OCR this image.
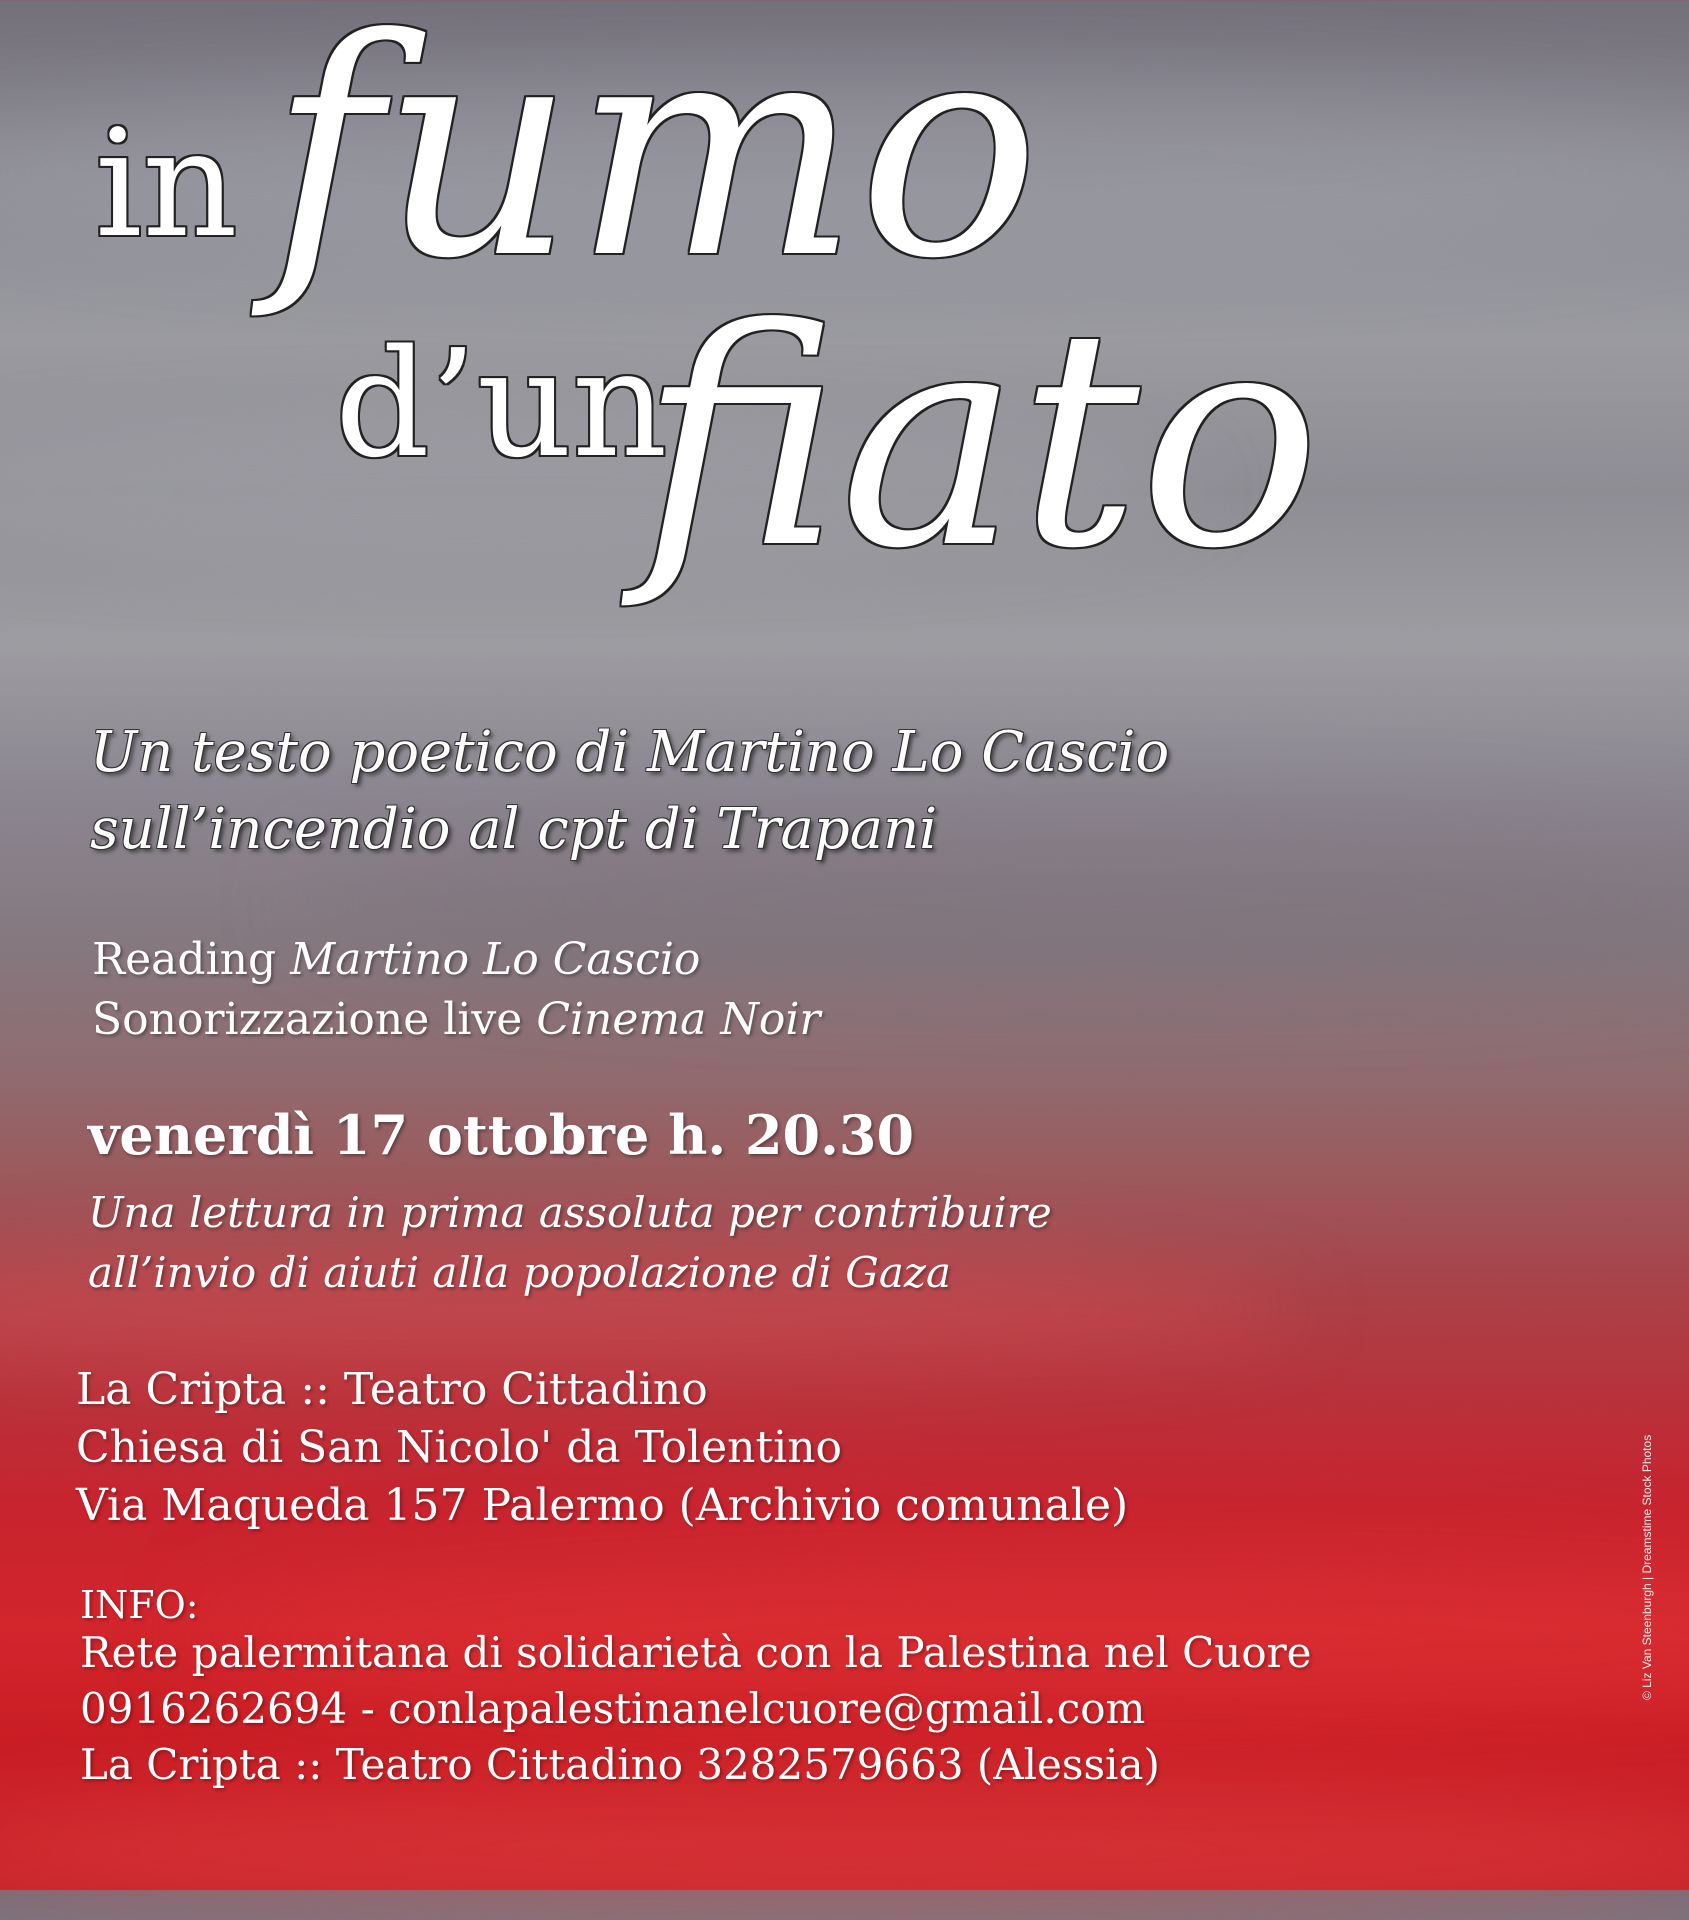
in fumo
d’un
fiato
Un testo poetico di Martino Lo Cascio
sull’incendio al cpt di Trapani
Reading Martino Lo Cascio
Sonorizzazione live Cinema Noir
venerdì 17 ottobre h. 20.30
Una lettura in prima assoluta per contribuire
all’invio di aiuti alla popolazione di Gaza
La Cripta :: Teatro Cittadino
Chiesa di San Nicolo' da Tolentino
Via Maqueda 157 Palermo (Archivio comunale)
INFO:
Rete palermitana di solidarietà con la Palestina nel Cuore
0916262694 - conlapalestinanelcuore@gmail.com
La Cripta :: Teatro Cittadino 3282579663 (Alessia)
© Liz Van Steenburgh | Dreamstime Stock Photos
